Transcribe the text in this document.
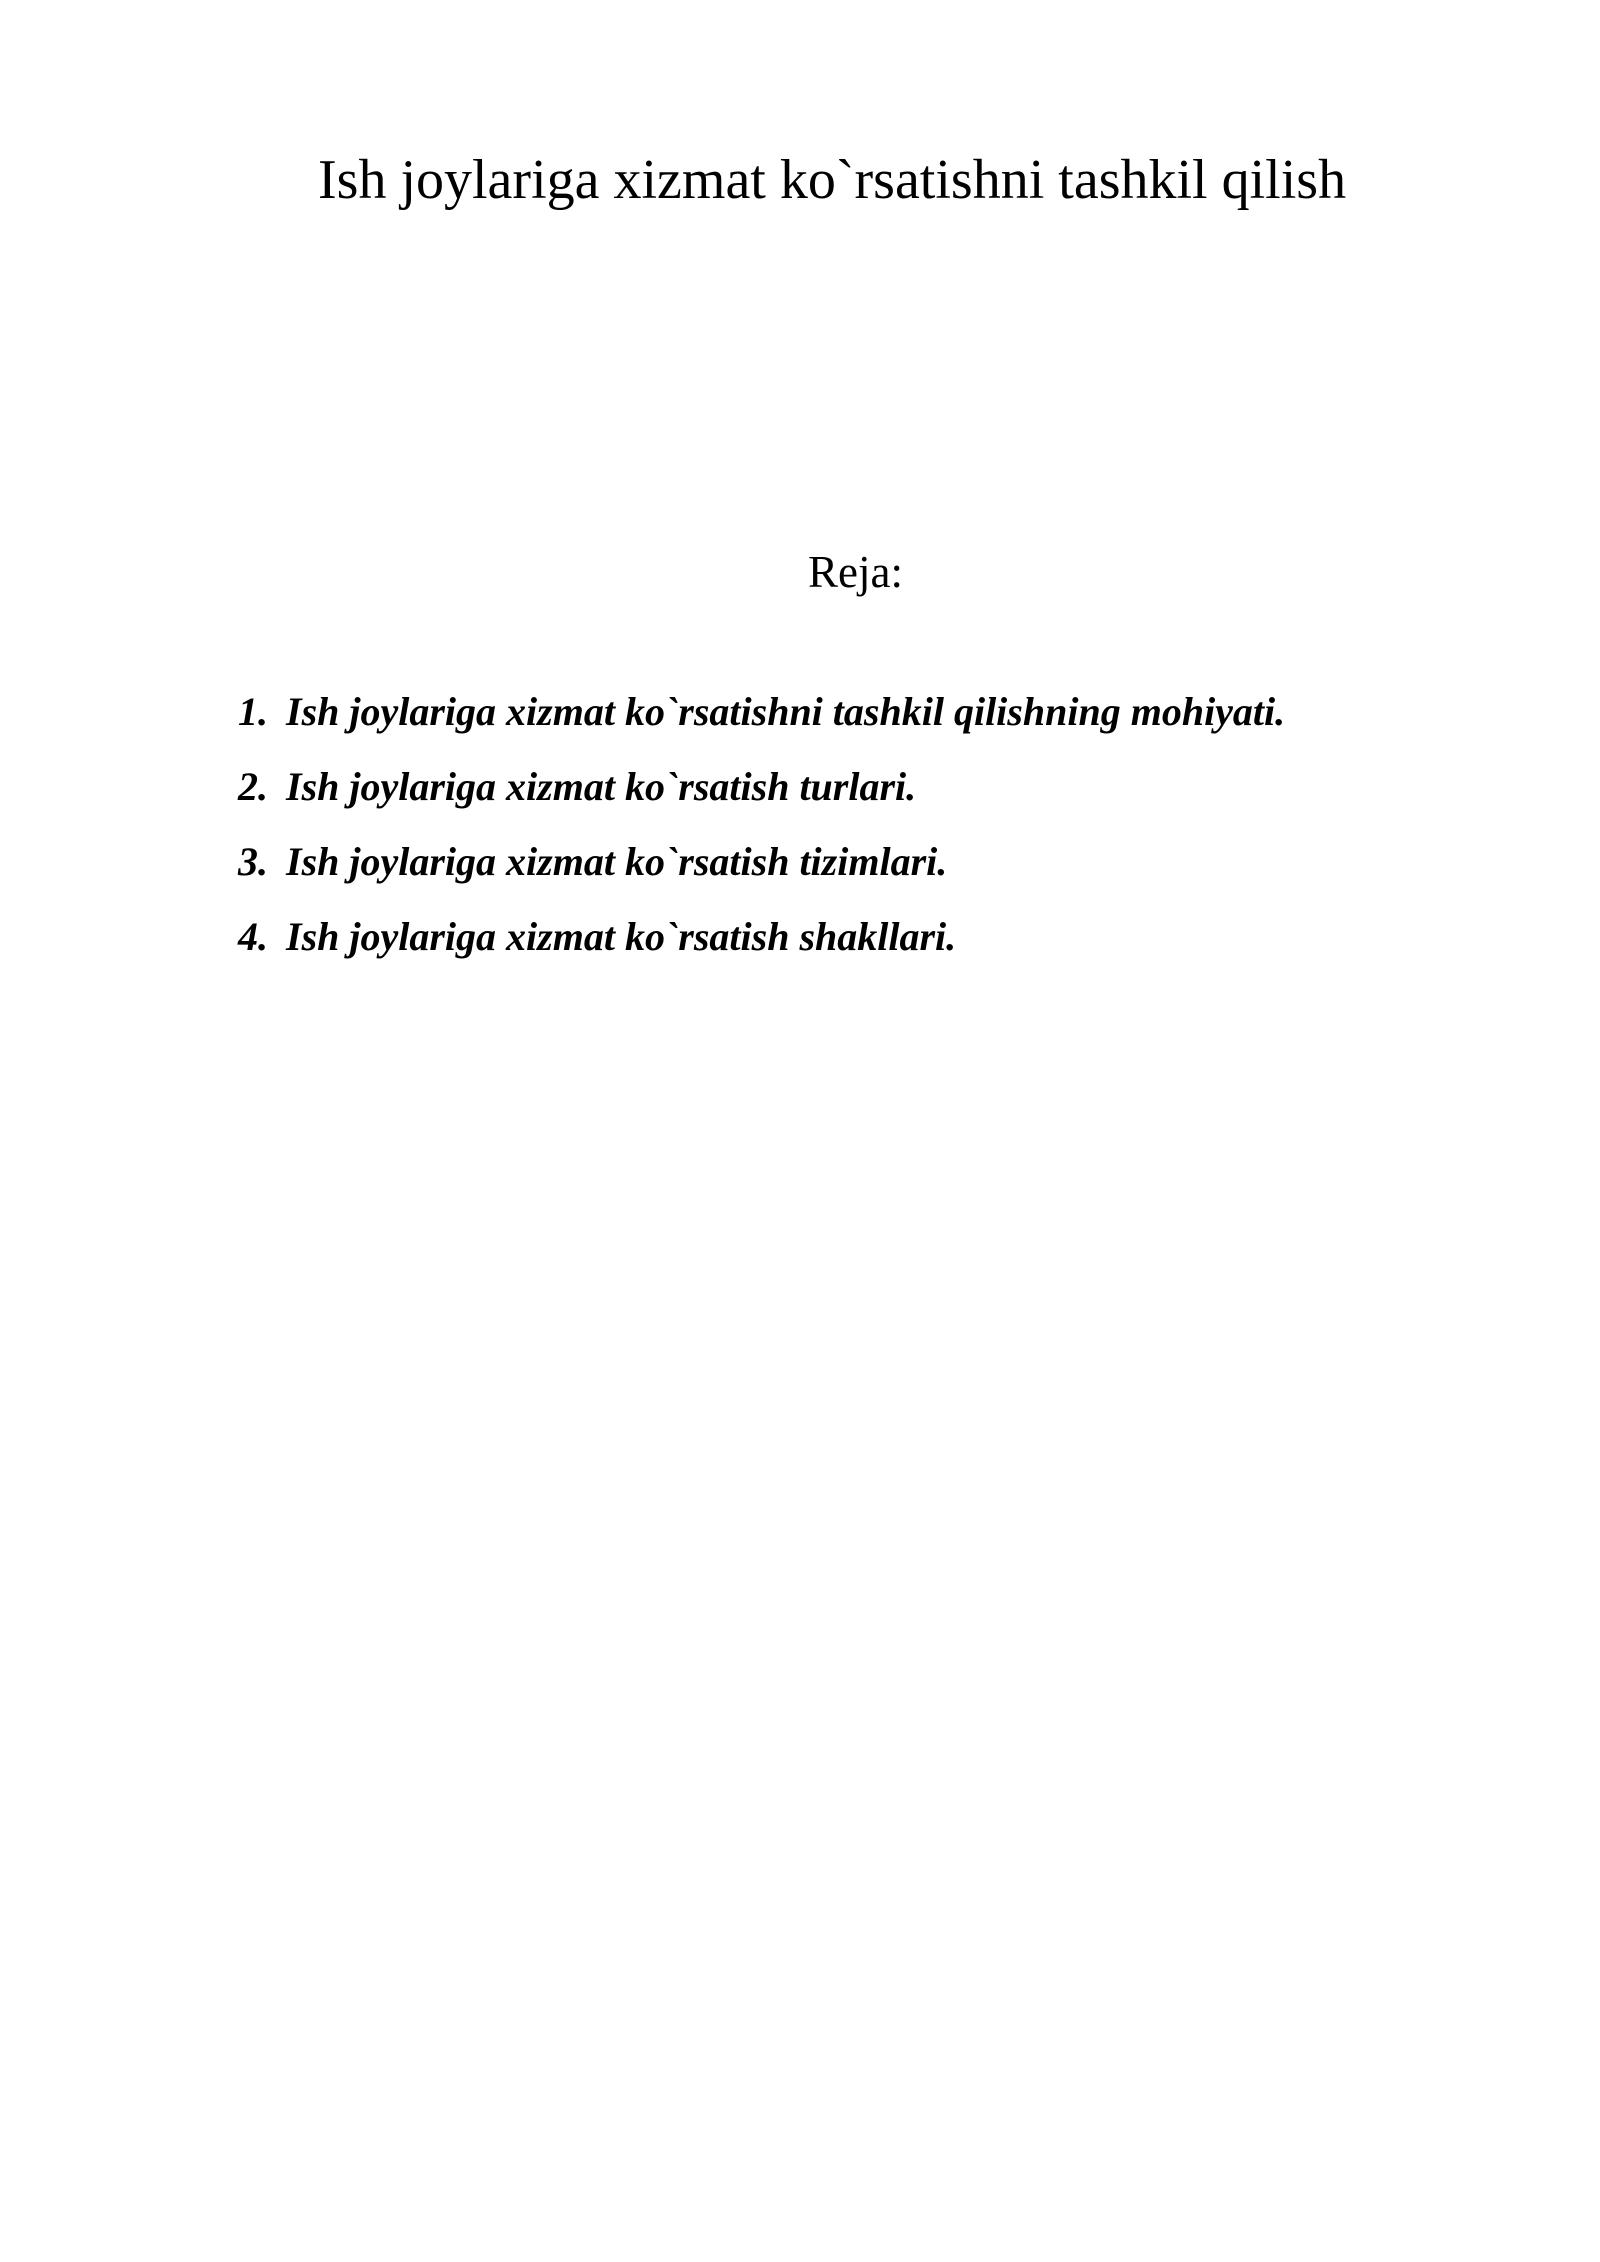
Ish joylariga xizmat ko`rsatishni tashkil qilish
Reja:
1. Ish joylariga xizmat ko`rsatishni tashkil qilishning mohiyati.
2. Ish joylariga xizmat ko`rsatish turlari.
3. Ish joylariga xizmat ko`rsatish tizimlari.
4. Ish joylariga xizmat ko`rsatish shakllari.
